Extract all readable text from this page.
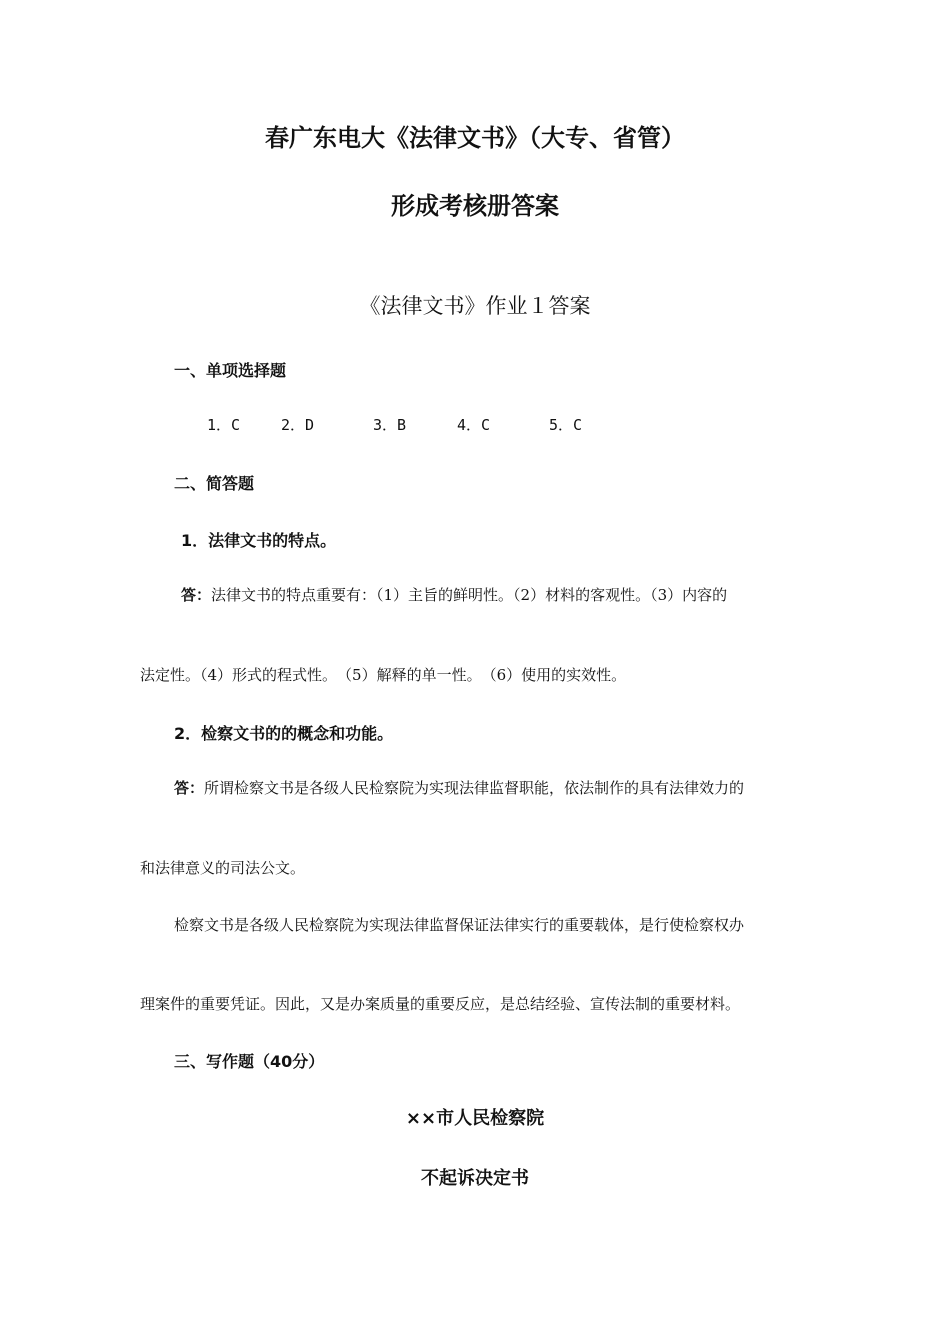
春广东电大《法律文书》（大专、省管）
形成考核册答案
《法律文书》作业１答案
一、单项选择题
1．C	2．D	3．B	4．C	5．C
二、简答题
1．法律文书的特点。
答：法律文书的特点重要有：（1）主旨的鲜明性。（2）材料的客观性。（3）内容的
法定性。（4）形式的程式性。　（5）解释的单一性。　（6）使用的实效性。
2．检察文书的的概念和功能。
答：所谓检察文书是各级人民检察院为实现法律监督职能，依法制作的具有法律效力的
和法律意义的司法公文。
检察文书是各级人民检察院为实现法律监督保证法律实行的重要载体，是行使检察权办
理案件的重要凭证。因此，又是办案质量的重要反应，是总结经验、宣传法制的重要材料。
三、写作题（40分）
××市人民检察院
不起诉决定书
